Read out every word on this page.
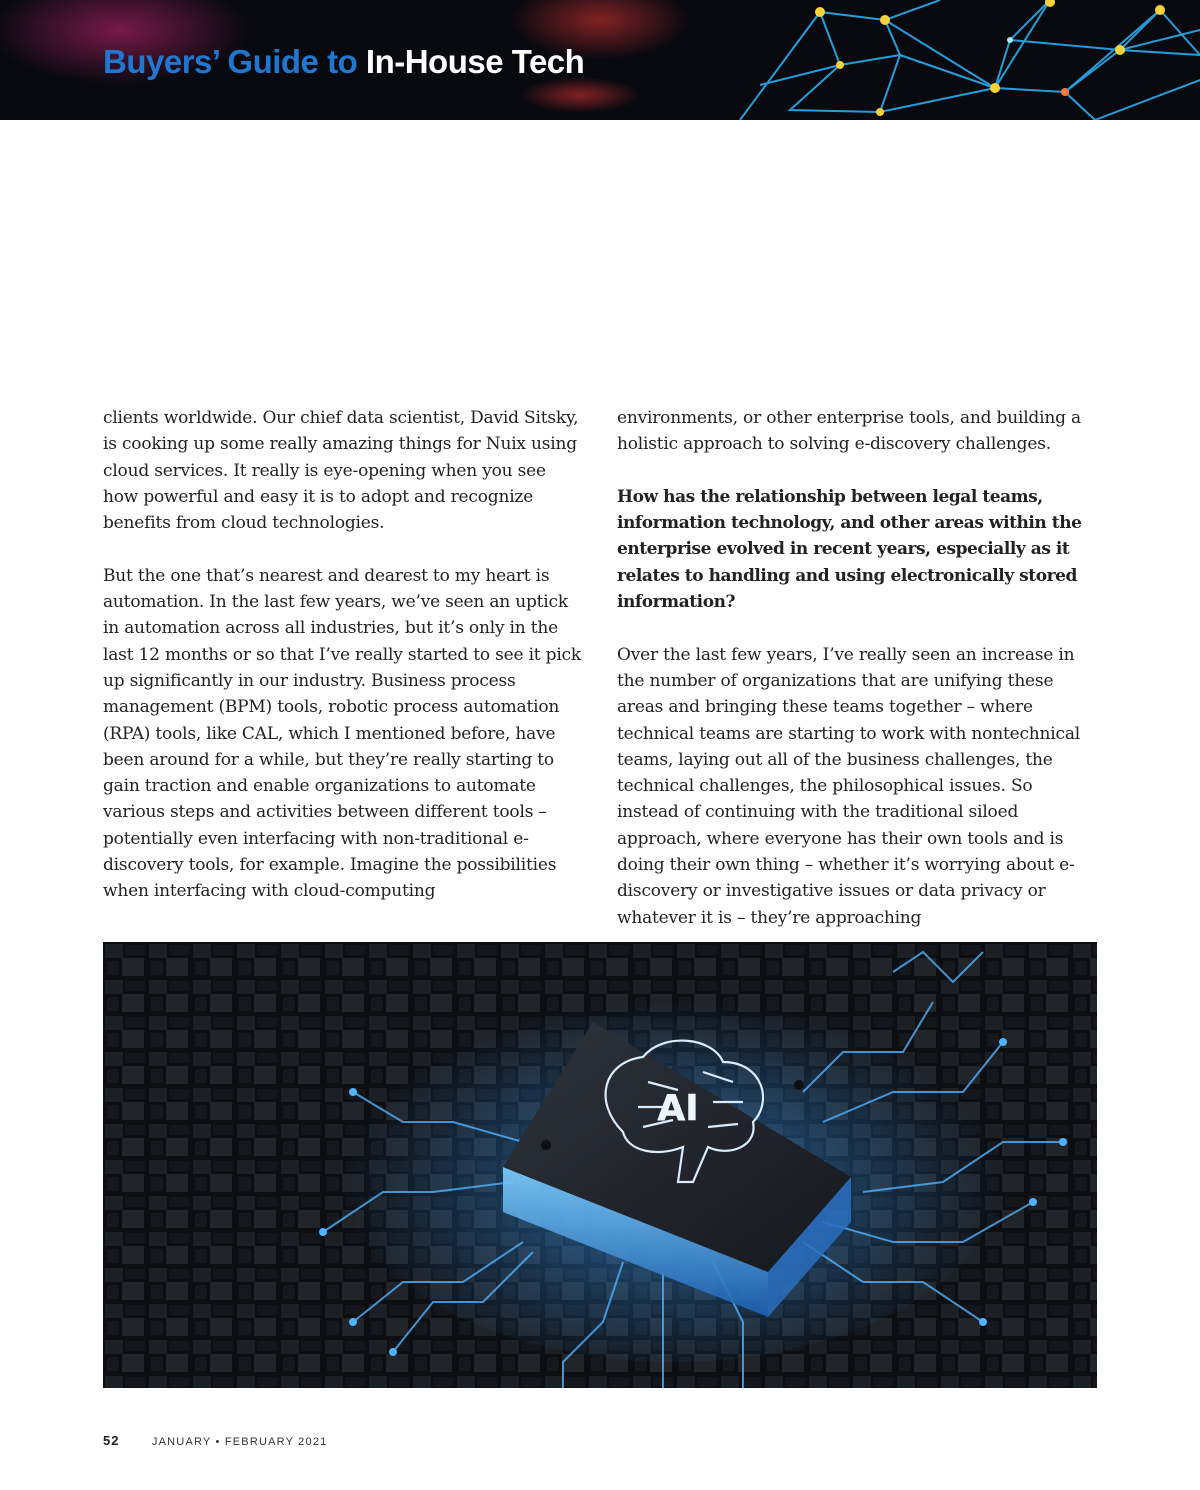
Buyers’ Guide to In-House Tech

clients worldwide. Our chief data scientist, David Sitsky, is cooking up some really amazing things for Nuix using cloud services. It really is eye-opening when you see how powerful and easy it is to adopt and recognize benefits from cloud technologies.

But the one that’s nearest and dearest to my heart is automation. In the last few years, we’ve seen an uptick in automation across all industries, but it’s only in the last 12 months or so that I’ve really started to see it pick up significantly in our industry. Business process management (BPM) tools, robotic process automation (RPA) tools, like CAL, which I mentioned before, have been around for a while, but they’re really starting to gain traction and enable organizations to automate various steps and activities between different tools – potentially even interfacing with non-traditional e-discovery tools, for example. Imagine the possibilities when interfacing with cloud-computing

environments, or other enterprise tools, and building a holistic approach to solving e-discovery challenges.

How has the relationship between legal teams, information technology, and other areas within the enterprise evolved in recent years, especially as it relates to handling and using electronically stored information?

Over the last few years, I’ve really seen an increase in the number of organizations that are unifying these areas and bringing these teams together – where technical teams are starting to work with nontechnical teams, laying out all of the business challenges, the technical challenges, the philosophical issues. So instead of continuing with the traditional siloed approach, where everyone has their own tools and is doing their own thing – whether it’s worrying about e-discovery or investigative issues or data privacy or whatever it is – they’re approaching

AI
52	JANUARY • FEBRUARY 2021
